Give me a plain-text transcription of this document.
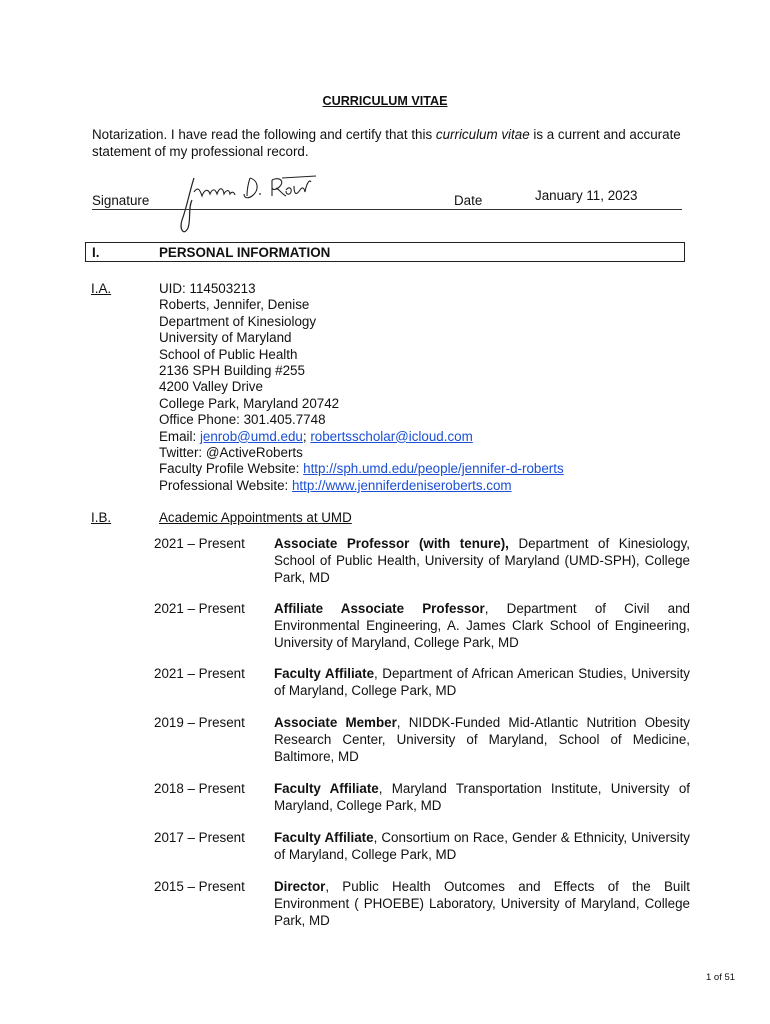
CURRICULUM VITAE
Notarization. I have read the following and certify that this curriculum vitae is a current and accurate statement of my professional record.
Signature	Date	January 11, 2023
I.	PERSONAL INFORMATION
I.A.	UID: 114503213
Roberts, Jennifer, Denise
Department of Kinesiology
University of Maryland
School of Public Health
2136 SPH Building #255
4200 Valley Drive
College Park, Maryland 20742
Office Phone: 301.405.7748
Email: jenrob@umd.edu; robertsscholar@icloud.com
Twitter: @ActiveRoberts
Faculty Profile Website: http://sph.umd.edu/people/jennifer-d-roberts
Professional Website: http://www.jenniferdeniseroberts.com
I.B.	Academic Appointments at UMD
2021 – Present Associate Professor (with tenure), Department of Kinesiology, School of Public Health, University of Maryland (UMD-SPH), College Park, MD
2021 – Present Affiliate Associate Professor, Department of Civil and Environmental Engineering, A. James Clark School of Engineering, University of Maryland, College Park, MD
2021 – Present Faculty Affiliate, Department of African American Studies, University of Maryland, College Park, MD
2019 – Present Associate Member, NIDDK-Funded Mid-Atlantic Nutrition Obesity Research Center, University of Maryland, School of Medicine, Baltimore, MD
2018 – Present Faculty Affiliate, Maryland Transportation Institute, University of Maryland, College Park, MD
2017 – Present Faculty Affiliate, Consortium on Race, Gender & Ethnicity, University of Maryland, College Park, MD
2015 – Present Director, Public Health Outcomes and Effects of the Built Environment ( PHOEBE) Laboratory, University of Maryland, College Park, MD
1 of 51
